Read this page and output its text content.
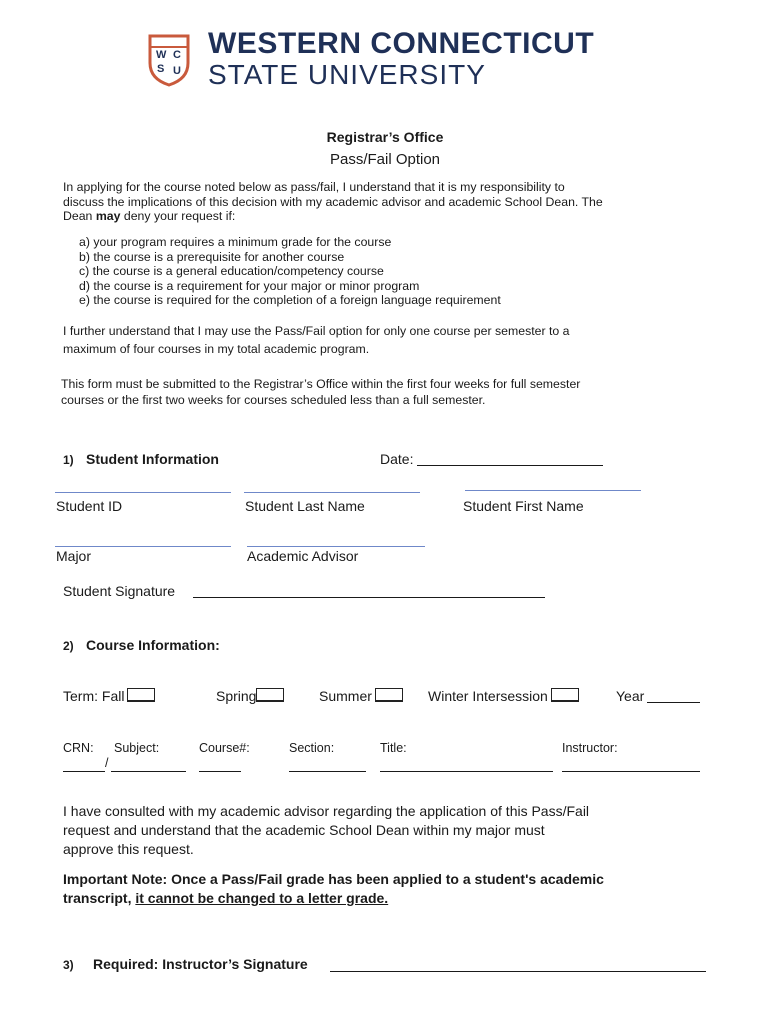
W C
S U
WESTERN CONNECTICUT
STATE UNIVERSITY
Registrar’s Office
Pass/Fail Option
In applying for the course noted below as pass/fail, I understand that it is my responsibility to
discuss the implications of this decision with my academic advisor and academic School Dean. The
Dean may deny your request if:
a) your program requires a minimum grade for the course
b) the course is a prerequisite for another course
c) the course is a general education/competency course
d) the course is a requirement for your major or minor program
e) the course is required for the completion of a foreign language requirement
I further understand that I may use the Pass/Fail option for only one course per semester to a
maximum of four courses in my total academic program.
This form must be submitted to the Registrar’s Office within the first four weeks for full semester
courses or the first two weeks for courses scheduled less than a full semester.
1) Student Information	Date:
Student ID	Student Last Name	Student First Name
Major	Academic Advisor
Student Signature
2) Course Information:
Term: Fall	Spring	Summer	Winter Intersession	Year
CRN: Subject:	Course#:	Section:	Title:	Instructor:
/
I have consulted with my academic advisor regarding the application of this Pass/Fail
request and understand that the academic School Dean within my major must
approve this request.
Important Note: Once a Pass/Fail grade has been applied to a student's academic
transcript, it cannot be changed to a letter grade.
3) Required: Instructor’s Signature
